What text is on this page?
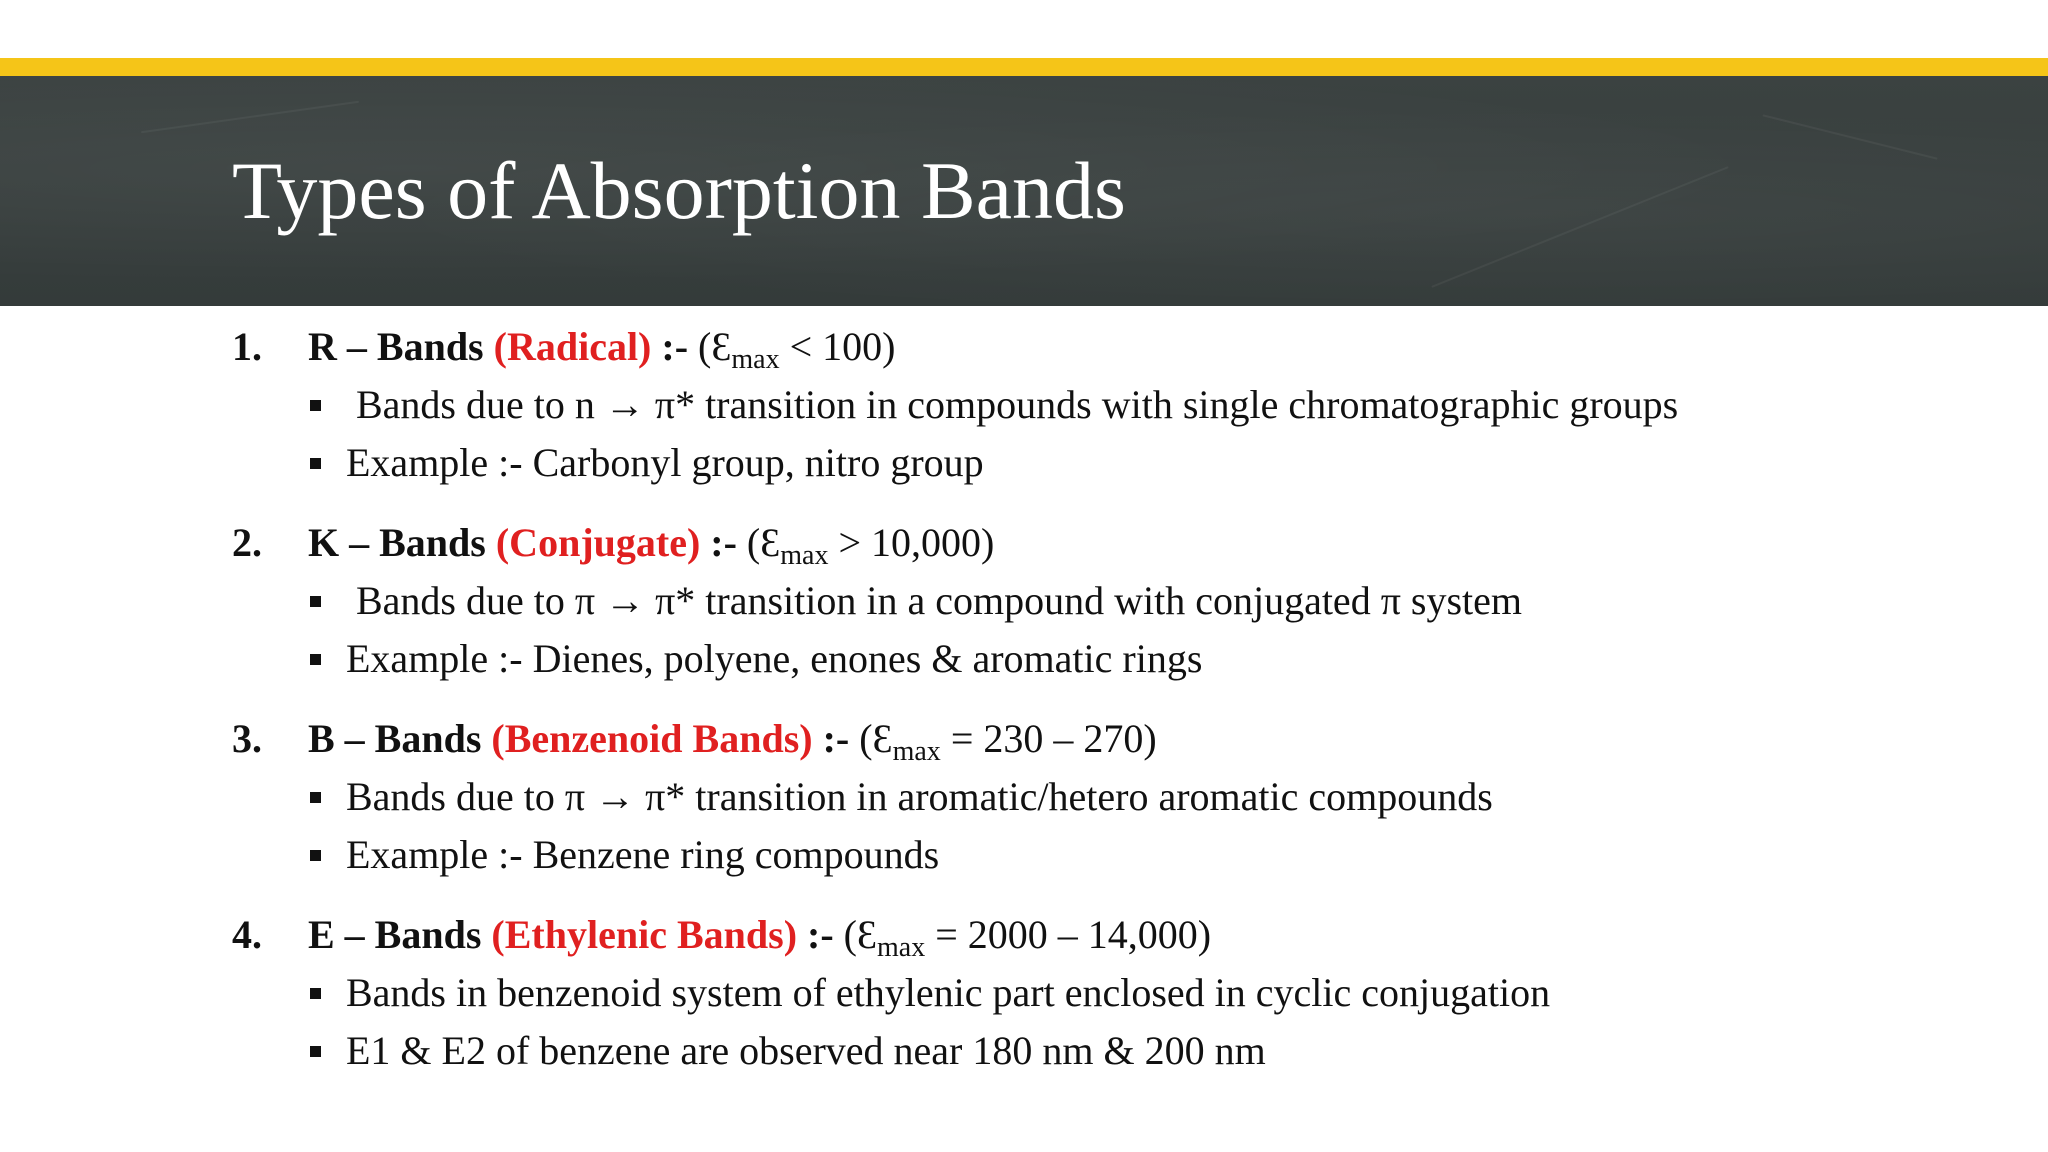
Types of Absorption Bands
1. R – Bands (Radical) :- $(Ɛ_{max} < 100)$
Bands due to n → π* transition in compounds with single chromatographic groups
Example :- Carbonyl group, nitro group
2. K – Bands (Conjugate) :- $(Ɛ_{max} > 10,000)$
Bands due to π → π* transition in a compound with conjugated π system
Example :- Dienes, polyene, enones & aromatic rings
3. B – Bands (Benzenoid Bands) :- $(Ɛ_{max} = 230 - 270)$
Bands due to π → π* transition in aromatic/hetero aromatic compounds
Example :- Benzene ring compounds
4. E – Bands (Ethylenic Bands) :- $(Ɛ_{max} = 2000 - 14,000)$
Bands in benzenoid system of ethylenic part enclosed in cyclic conjugation
E1 & E2 of benzene are observed near 180 nm & 200 nm
